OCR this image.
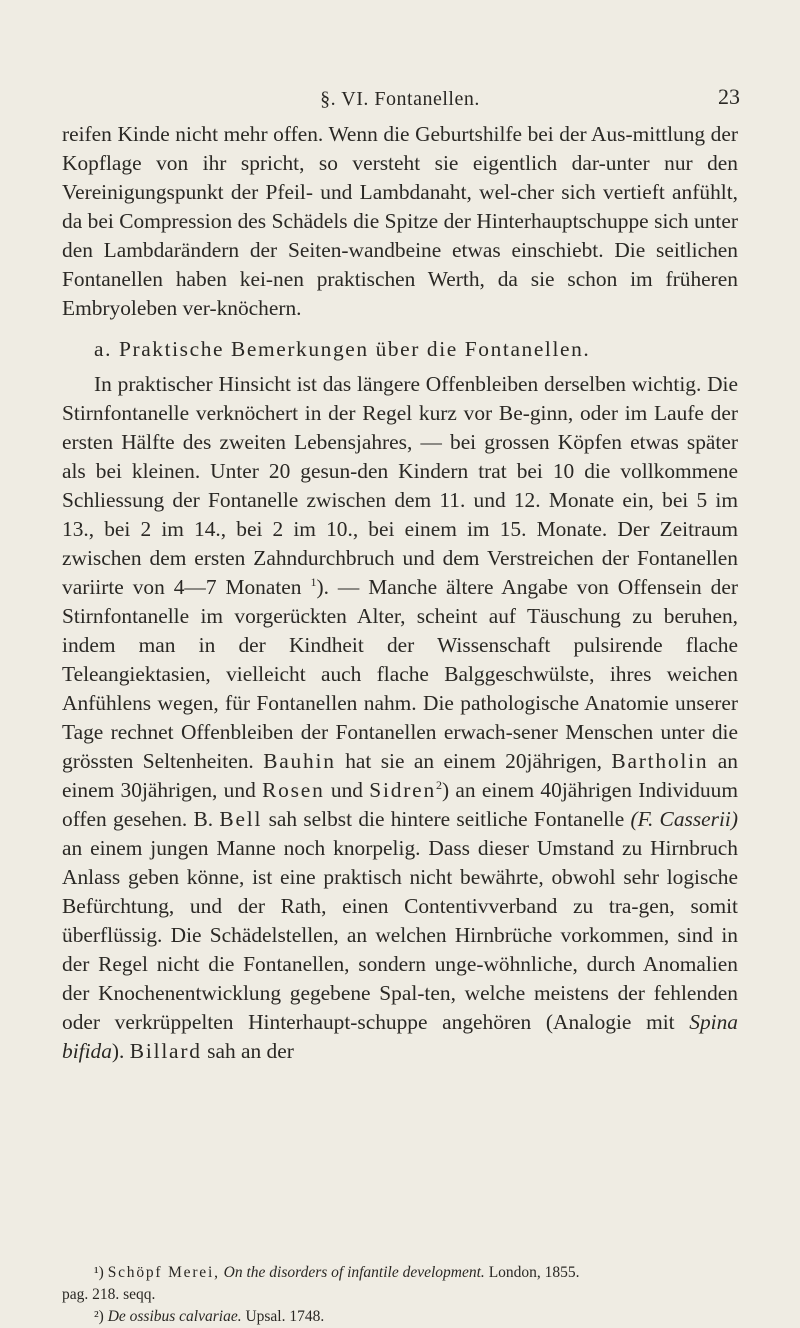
§. VI. Fontanellen.	23

reifen Kinde nicht mehr offen. Wenn die Geburtshilfe bei der Aus-mittlung der Kopflage von ihr spricht, so versteht sie eigentlich dar-unter nur den Vereinigungspunkt der Pfeil- und Lambdanaht, wel-cher sich vertieft anfühlt, da bei Compression des Schädels die Spitze der Hinterhauptschuppe sich unter den Lambdarändern der Seiten-wandbeine etwas einschiebt. Die seitlichen Fontanellen haben kei-nen praktischen Werth, da sie schon im früheren Embryoleben ver-knöchern.

a. Praktische Bemerkungen über die Fontanellen.

In praktischer Hinsicht ist das längere Offenbleiben derselben wichtig. Die Stirnfontanelle verknöchert in der Regel kurz vor Be-ginn, oder im Laufe der ersten Hälfte des zweiten Lebensjahres, — bei grossen Köpfen etwas später als bei kleinen. Unter 20 gesun-den Kindern trat bei 10 die vollkommene Schliessung der Fontanelle zwischen dem 11. und 12. Monate ein, bei 5 im 13., bei 2 im 14., bei 2 im 10., bei einem im 15. Monate. Der Zeitraum zwischen dem ersten Zahndurchbruch und dem Verstreichen der Fontanellen variirte von 4—7 Monaten $^1$). — Manche ältere Angabe von Offensein der Stirnfontanelle im vorgerückten Alter, scheint auf Täuschung zu beruhen, indem man in der Kindheit der Wissenschaft pulsirende flache Teleangiektasien, vielleicht auch flache Balggeschwülste, ihres weichen Anfühlens wegen, für Fontanellen nahm. Die pathologische Anatomie unserer Tage rechnet Offenbleiben der Fontanellen erwach-sener Menschen unter die grössten Seltenheiten. Bauhin hat sie an einem 20jährigen, Bartholin an einem 30jährigen, und Rosen und Sidren$^2$) an einem 40jährigen Individuum offen gesehen. B. Bell sah selbst die hintere seitliche Fontanelle (F. Casserii) an einem jungen Manne noch knorpelig. Dass dieser Umstand zu Hirnbruch Anlass geben könne, ist eine praktisch nicht bewährte, obwohl sehr logische Befürchtung, und der Rath, einen Contentivverband zu tra-gen, somit überflüssig. Die Schädelstellen, an welchen Hirnbrüche vorkommen, sind in der Regel nicht die Fontanellen, sondern unge-wöhnliche, durch Anomalien der Knochenentwicklung gegebene Spal-ten, welche meistens der fehlenden oder verkrüppelten Hinterhaupt-schuppe angehören (Analogie mit Spina bifida). Billard sah an der

¹) Schöpf Merei, On the disorders of infantile development. London, 1855.

pag. 218. seqq.

²) De ossibus calvariae. Upsal. 1748.
